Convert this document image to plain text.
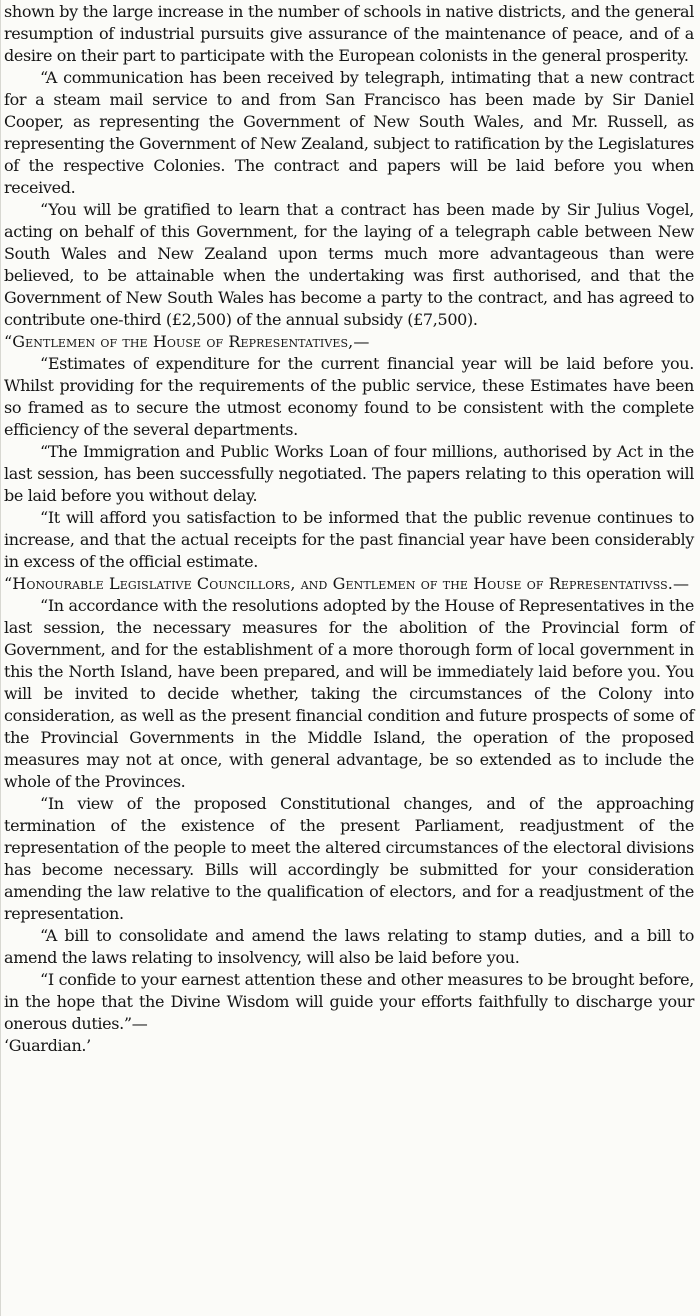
shown by the large increase in the number of schools in native districts, and the general resumption of industrial pursuits give assurance of the maintenance of peace, and of a desire on their part to participate with the European colonists in the general prosperity.

“A communication has been received by telegraph, intimating that a new contract for a steam mail service to and from San Francisco has been made by Sir Daniel Cooper, as representing the Government of New South Wales, and Mr. Russell, as representing the Government of New Zealand, subject to ratification by the Legislatures of the respective Colonies. The contract and papers will be laid before you when received.

“You will be gratified to learn that a contract has been made by Sir Julius Vogel, acting on behalf of this Government, for the laying of a telegraph cable between New South Wales and New Zealand upon terms much more advantageous than were believed, to be attainable when the undertaking was first authorised, and that the Government of New South Wales has become a party to the contract, and has agreed to contribute one-third (£2,500) of the annual subsidy (£7,500).

“Gentlemen of the House of Representatives,—

“Estimates of expenditure for the current financial year will be laid before you. Whilst providing for the requirements of the public service, these Estimates have been so framed as to secure the utmost economy found to be consistent with the complete efficiency of the several departments.

“The Immigration and Public Works Loan of four millions, authorised by Act in the last session, has been successfully negotiated. The papers relating to this operation will be laid before you without delay.

“It will afford you satisfaction to be informed that the public revenue continues to increase, and that the actual receipts for the past financial year have been considerably in excess of the official estimate.

“Honourable Legislative Councillors, and Gentlemen of the House of Representativss.—

“In accordance with the resolutions adopted by the House of Representatives in the last session, the necessary measures for the abolition of the Provincial form of Government, and for the establishment of a more thorough form of local government in this the North Island, have been prepared, and will be immediately laid before you. You will be invited to decide whether, taking the circumstances of the Colony into consideration, as well as the present financial condition and future prospects of some of the Provincial Governments in the Middle Island, the operation of the proposed measures may not at once, with general advantage, be so extended as to include the whole of the Provinces.

“In view of the proposed Constitutional changes, and of the approaching termination of the existence of the present Parliament, readjustment of the representation of the people to meet the altered circumstances of the electoral divisions has become necessary. Bills will accordingly be submitted for your consideration amending the law relative to the qualification of electors, and for a readjustment of the representation.

“A bill to consolidate and amend the laws relating to stamp duties, and a bill to amend the laws relating to insolvency, will also be laid before you.

“I confide to your earnest attention these and other measures to be brought before, in the hope that the Divine Wisdom will guide your efforts faithfully to discharge your onerous duties.”—

‘Guardian.’
